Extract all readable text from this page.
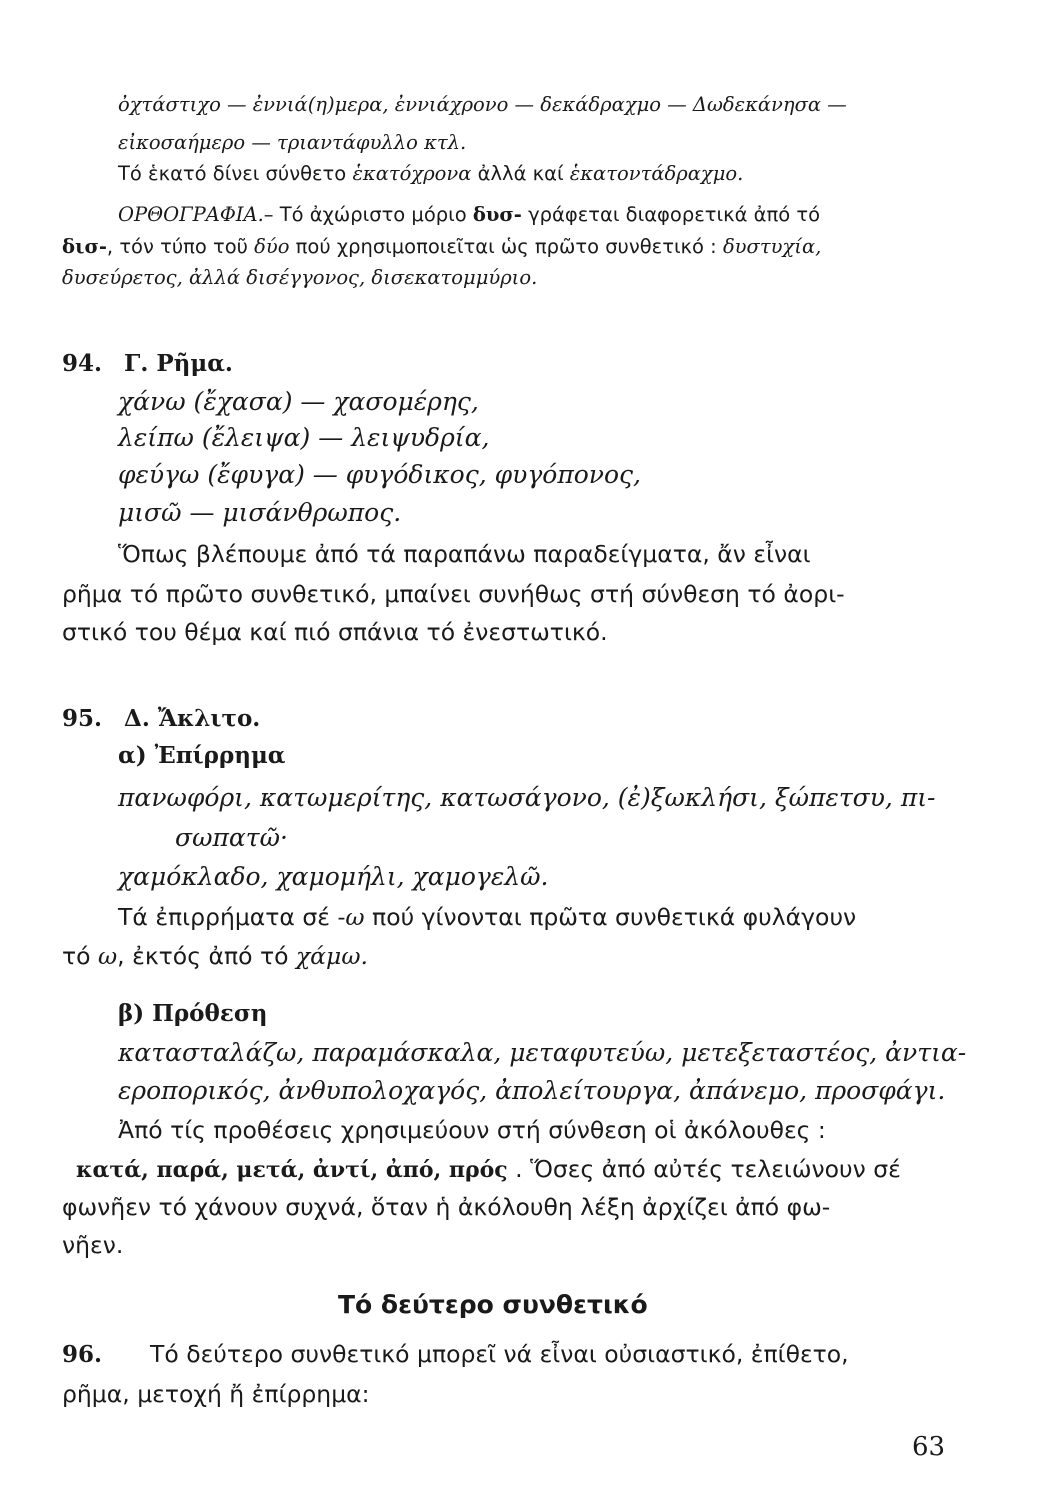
ὀχτάστιχο — ἐννιά(η)μερα, ἐννιάχρονο — δεκάδραχμο — Δωδεκάνησα —

εἰκοσαήμερο — τριαντάφυλλο κτλ.

Τό ἑκατό δίνει σύνθετο ἑκατόχρονα ἀλλά καί ἑκατοντάδραχμο.

ΟΡΘΟΓΡΑΦΙΑ.– Τό ἀχώριστο μόριο δυσ- γράφεται διαφορετικά ἀπό τό

δισ-, τόν τύπο τοῦ δύο πού χρησιμοποιεῖται ὡς πρῶτο συνθετικό : δυστυχία,

δυσεύρετος, ἀλλά δισέγγονος, δισεκατομμύριο.

94. Γ. Ρῆμα.

χάνω (ἔχασα) — χασομέρης,

λείπω (ἔλειψα) — λειψυδρία,

φεύγω (ἔφυγα) — φυγόδικος, φυγόπονος,

μισῶ — μισάνθρωπος.

Ὅπως βλέπουμε ἀπό τά παραπάνω παραδείγματα, ἄν εἶναι

ρῆμα τό πρῶτο συνθετικό, μπαίνει συνήθως στή σύνθεση τό ἀορι-

στικό του θέμα καί πιό σπάνια τό ἐνεστωτικό.

95. Δ. Ἄκλιτο.

α) Ἐπίρρημα

πανωφόρι, κατωμερίτης, κατωσάγονο, (ἐ)ξωκλήσι, ξώπετσυ, πι-

σωπατῶ·

χαμόκλαδο, χαμομήλι, χαμογελῶ.

Τά ἐπιρρήματα σέ -ω πού γίνονται πρῶτα συνθετικά φυλάγουν

τό ω, ἐκτός ἀπό τό χάμω.

β) Πρόθεση

κατασταλάζω, παραμάσκαλα, μεταφυτεύω, μετεξεταστέος, ἀντια-

εροπορικός, ἀνθυπολοχαγός, ἀπολείτουργα, ἀπάνεμο, προσφάγι.

Ἀπό τίς προθέσεις χρησιμεύουν στή σύνθεση οἱ ἀκόλουθες :

κατά, παρά, μετά, ἀντί, ἀπό, πρός . Ὅσες ἀπό αὐτές τελειώνουν σέ

φωνῆεν τό χάνουν συχνά, ὅταν ἡ ἀκόλουθη λέξη ἀρχίζει ἀπό φω-

νῆεν.

Τό δεύτερο συνθετικό

96. Τό δεύτερο συνθετικό μπορεῖ νά εἶναι οὐσιαστικό, ἐπίθετο,

ρῆμα, μετοχή ἤ ἐπίρρημα:

63
